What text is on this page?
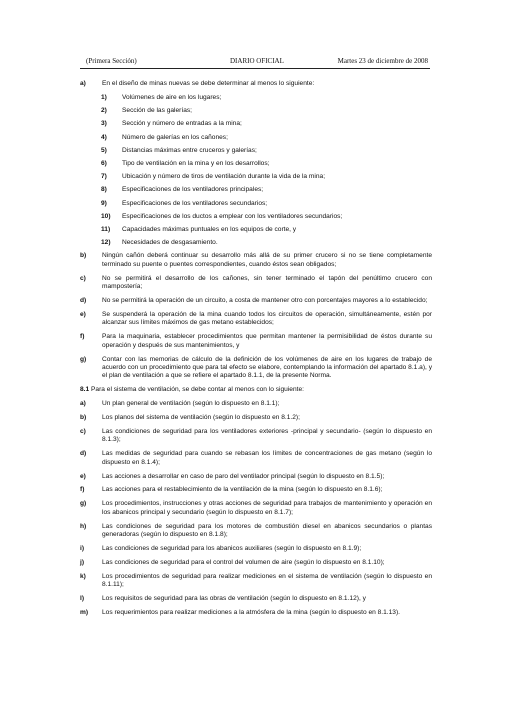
(Primera Sección)	DIARIO OFICIAL	Martes 23 de diciembre de 2008
a) En el diseño de minas nuevas se debe determinar al menos lo siguiente:
1) Volúmenes de aire en los lugares;
2) Sección de las galerías;
3) Sección y número de entradas a la mina;
4) Número de galerías en los cañones;
5) Distancias máximas entre cruceros y galerías;
6) Tipo de ventilación en la mina y en los desarrollos;
7) Ubicación y número de tiros de ventilación durante la vida de la mina;
8) Especificaciones de los ventiladores principales;
9) Especificaciones de los ventiladores secundarios;
10) Especificaciones de los ductos a emplear con los ventiladores secundarios;
11) Capacidades máximas puntuales en los equipos de corte, y
12) Necesidades de desgasamiento.
b) Ningún cañón deberá continuar su desarrollo más allá de su primer crucero si no se tiene completamente terminado su puente o puentes correspondientes, cuando éstos sean obligados;
c) No se permitirá el desarrollo de los cañones, sin tener terminado el tapón del penúltimo crucero con mampostería;
d) No se permitirá la operación de un circuito, a costa de mantener otro con porcentajes mayores a lo establecido;
e) Se suspenderá la operación de la mina cuando todos los circuitos de operación, simultáneamente, estén por alcanzar sus límites máximos de gas metano establecidos;
f)	Para la maquinaria, establecer procedimientos que permitan mantener la permisibilidad de éstos durante su operación y después de sus mantenimientos, y
g) Contar con las memorias de cálculo de la definición de los volúmenes de aire en los lugares de trabajo de acuerdo con un procedimiento que para tal efecto se elabore, contemplando la información del apartado 8.1.a), y el plan de ventilación a que se refiere el apartado 8.1.1, de la presente Norma.
8.1 Para el sistema de ventilación, se debe contar al menos con lo siguiente:
a) Un plan general de ventilación (según lo dispuesto en 8.1.1);
b) Los planos del sistema de ventilación (según lo dispuesto en 8.1.2);
c) Las condiciones de seguridad para los ventiladores exteriores -principal y secundario- (según lo dispuesto en 8.1.3);
d) Las medidas de seguridad para cuando se rebasan los límites de concentraciones de gas metano (según lo dispuesto en 8.1.4);
e) Las acciones a desarrollar en caso de paro del ventilador principal (según lo dispuesto en 8.1.5);
f)	Las acciones para el restablecimiento de la ventilación de la mina (según lo dispuesto en 8.1.6);
g) Los procedimientos, instrucciones y otras acciones de seguridad para trabajos de mantenimiento y operación en los abanicos principal y secundario (según lo dispuesto en 8.1.7);
h) Las condiciones de seguridad para los motores de combustión diesel en abanicos secundarios o plantas generadoras (según lo dispuesto en 8.1.8);
i)	Las condiciones de seguridad para los abanicos auxiliares (según lo dispuesto en 8.1.9);
j)	Las condiciones de seguridad para el control del volumen de aire (según lo dispuesto en 8.1.10);
k) Los procedimientos de seguridad para realizar mediciones en el sistema de ventilación (según lo dispuesto en 8.1.11);
l)	Los requisitos de seguridad para las obras de ventilación (según lo dispuesto en 8.1.12), y
m) Los requerimientos para realizar mediciones a la atmósfera de la mina (según lo dispuesto en 8.1.13).
